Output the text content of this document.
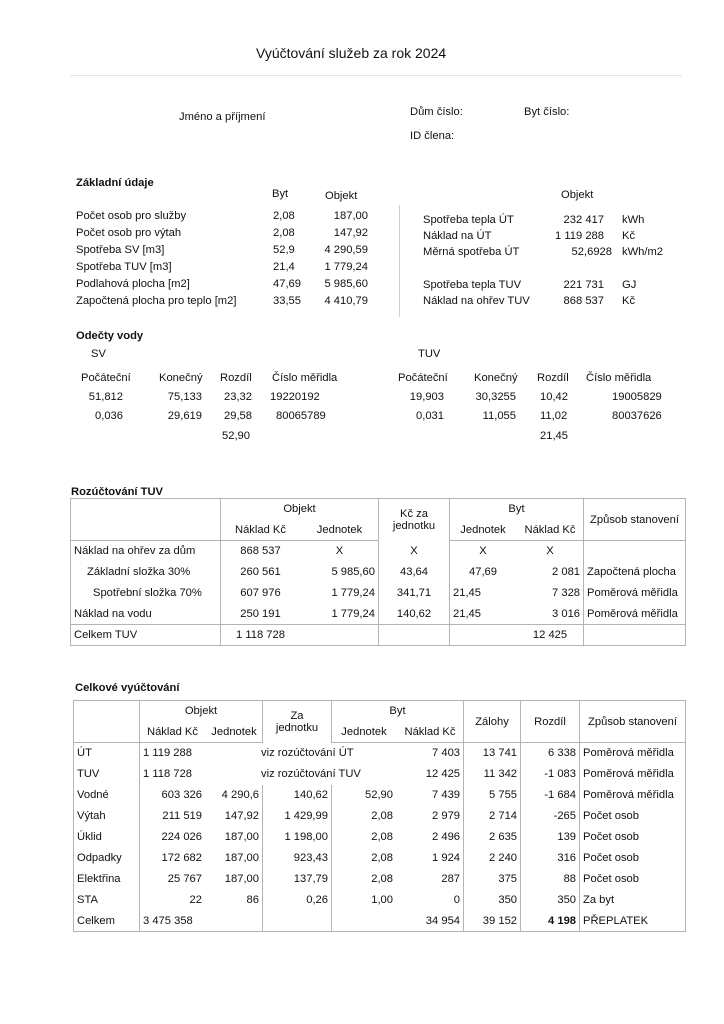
Vyúčtování služeb za rok 2024
Jméno a příjmení	Dům číslo:	Byt číslo:
ID člena:
Základní údaje
Byt	Objekt	Objekt
Počet osob pro služby	2,08	187,00
Počet osob pro výtah	2,08	147,92
Spotřeba SV [m3]	52,9	4 290,59
Spotřeba TUV [m3]	21,4	1 779,24
Podlahová plocha [m2]	47,69	5 985,60
Započtená plocha pro teplo [m2]	33,55	4 410,79
Spotřeba tepla ÚT	232 417 kWh
Náklad na ÚT	1 119 288 Kč
Měrná spotřeba ÚT	52,6928 kWh/m2
Spotřeba tepla TUV	221 731 GJ
Náklad na ohřev TUV	868 537 Kč
Odečty vody
SV	TUV
Počáteční	Konečný Rozdíl Číslo měřidla
51,812	75,133 23,32 19220192
0,036	29,619 29,58 80065789
52,90
Počáteční Konečný Rozdíl Číslo měřidla
19,903	30,3255 10,42	19005829
0,031	11,055 11,02	80037626
21,45
Rozúčtování TUV
	Objekt		Kč za
jednotku	Byt		Způsob stanovení
	Náklad Kč	Jednotek		Jednotek	Náklad Kč	
Náklad na ohřev za dům	868 537	X	X	X	X	
Základní složka 30%	260 561	5 985,60	43,64	47,69	2 081	Započtená plocha
Spotřební složka 70%	607 976	1 779,24	341,71	21,45	7 328	Poměrová měřidla
Náklad na vodu	250 191	1 779,24	140,62	21,45	3 016	Poměrová měřidla
Celkem TUV	1 118 728				12 425	
Celkové vyúčtování
	Objekt		Za
jednotku	Byt		Zálohy	Rozdíl	Způsob stanovení
	Náklad Kč	Jednotek		Jednotek	Náklad Kč			
ÚT	1 119 288	viz rozúčtování ÚT			7 403	13 741	6 338	Poměrová měřidla
TUV	1 118 728	viz rozúčtování TUV			12 425	11 342	-1 083	Poměrová měřidla
Vodné	603 326	4 290,6	140,62	52,90	7 439	5 755	-1 684	Poměrová měřidla
Výtah	211 519	147,92	1 429,99	2,08	2 979	2 714	-265	Počet osob
Úklid	224 026	187,00	1 198,00	2,08	2 496	2 635	139	Počet osob
Odpadky	172 682	187,00	923,43	2,08	1 924	2 240	316	Počet osob
Elektřina	25 767	187,00	137,79	2,08	287	375	88	Počet osob
STA	22	86	0,26	1,00	0	350	350	Za byt
Celkem	3 475 358				34 954	39 152	4 198	PŘEPLATEK
